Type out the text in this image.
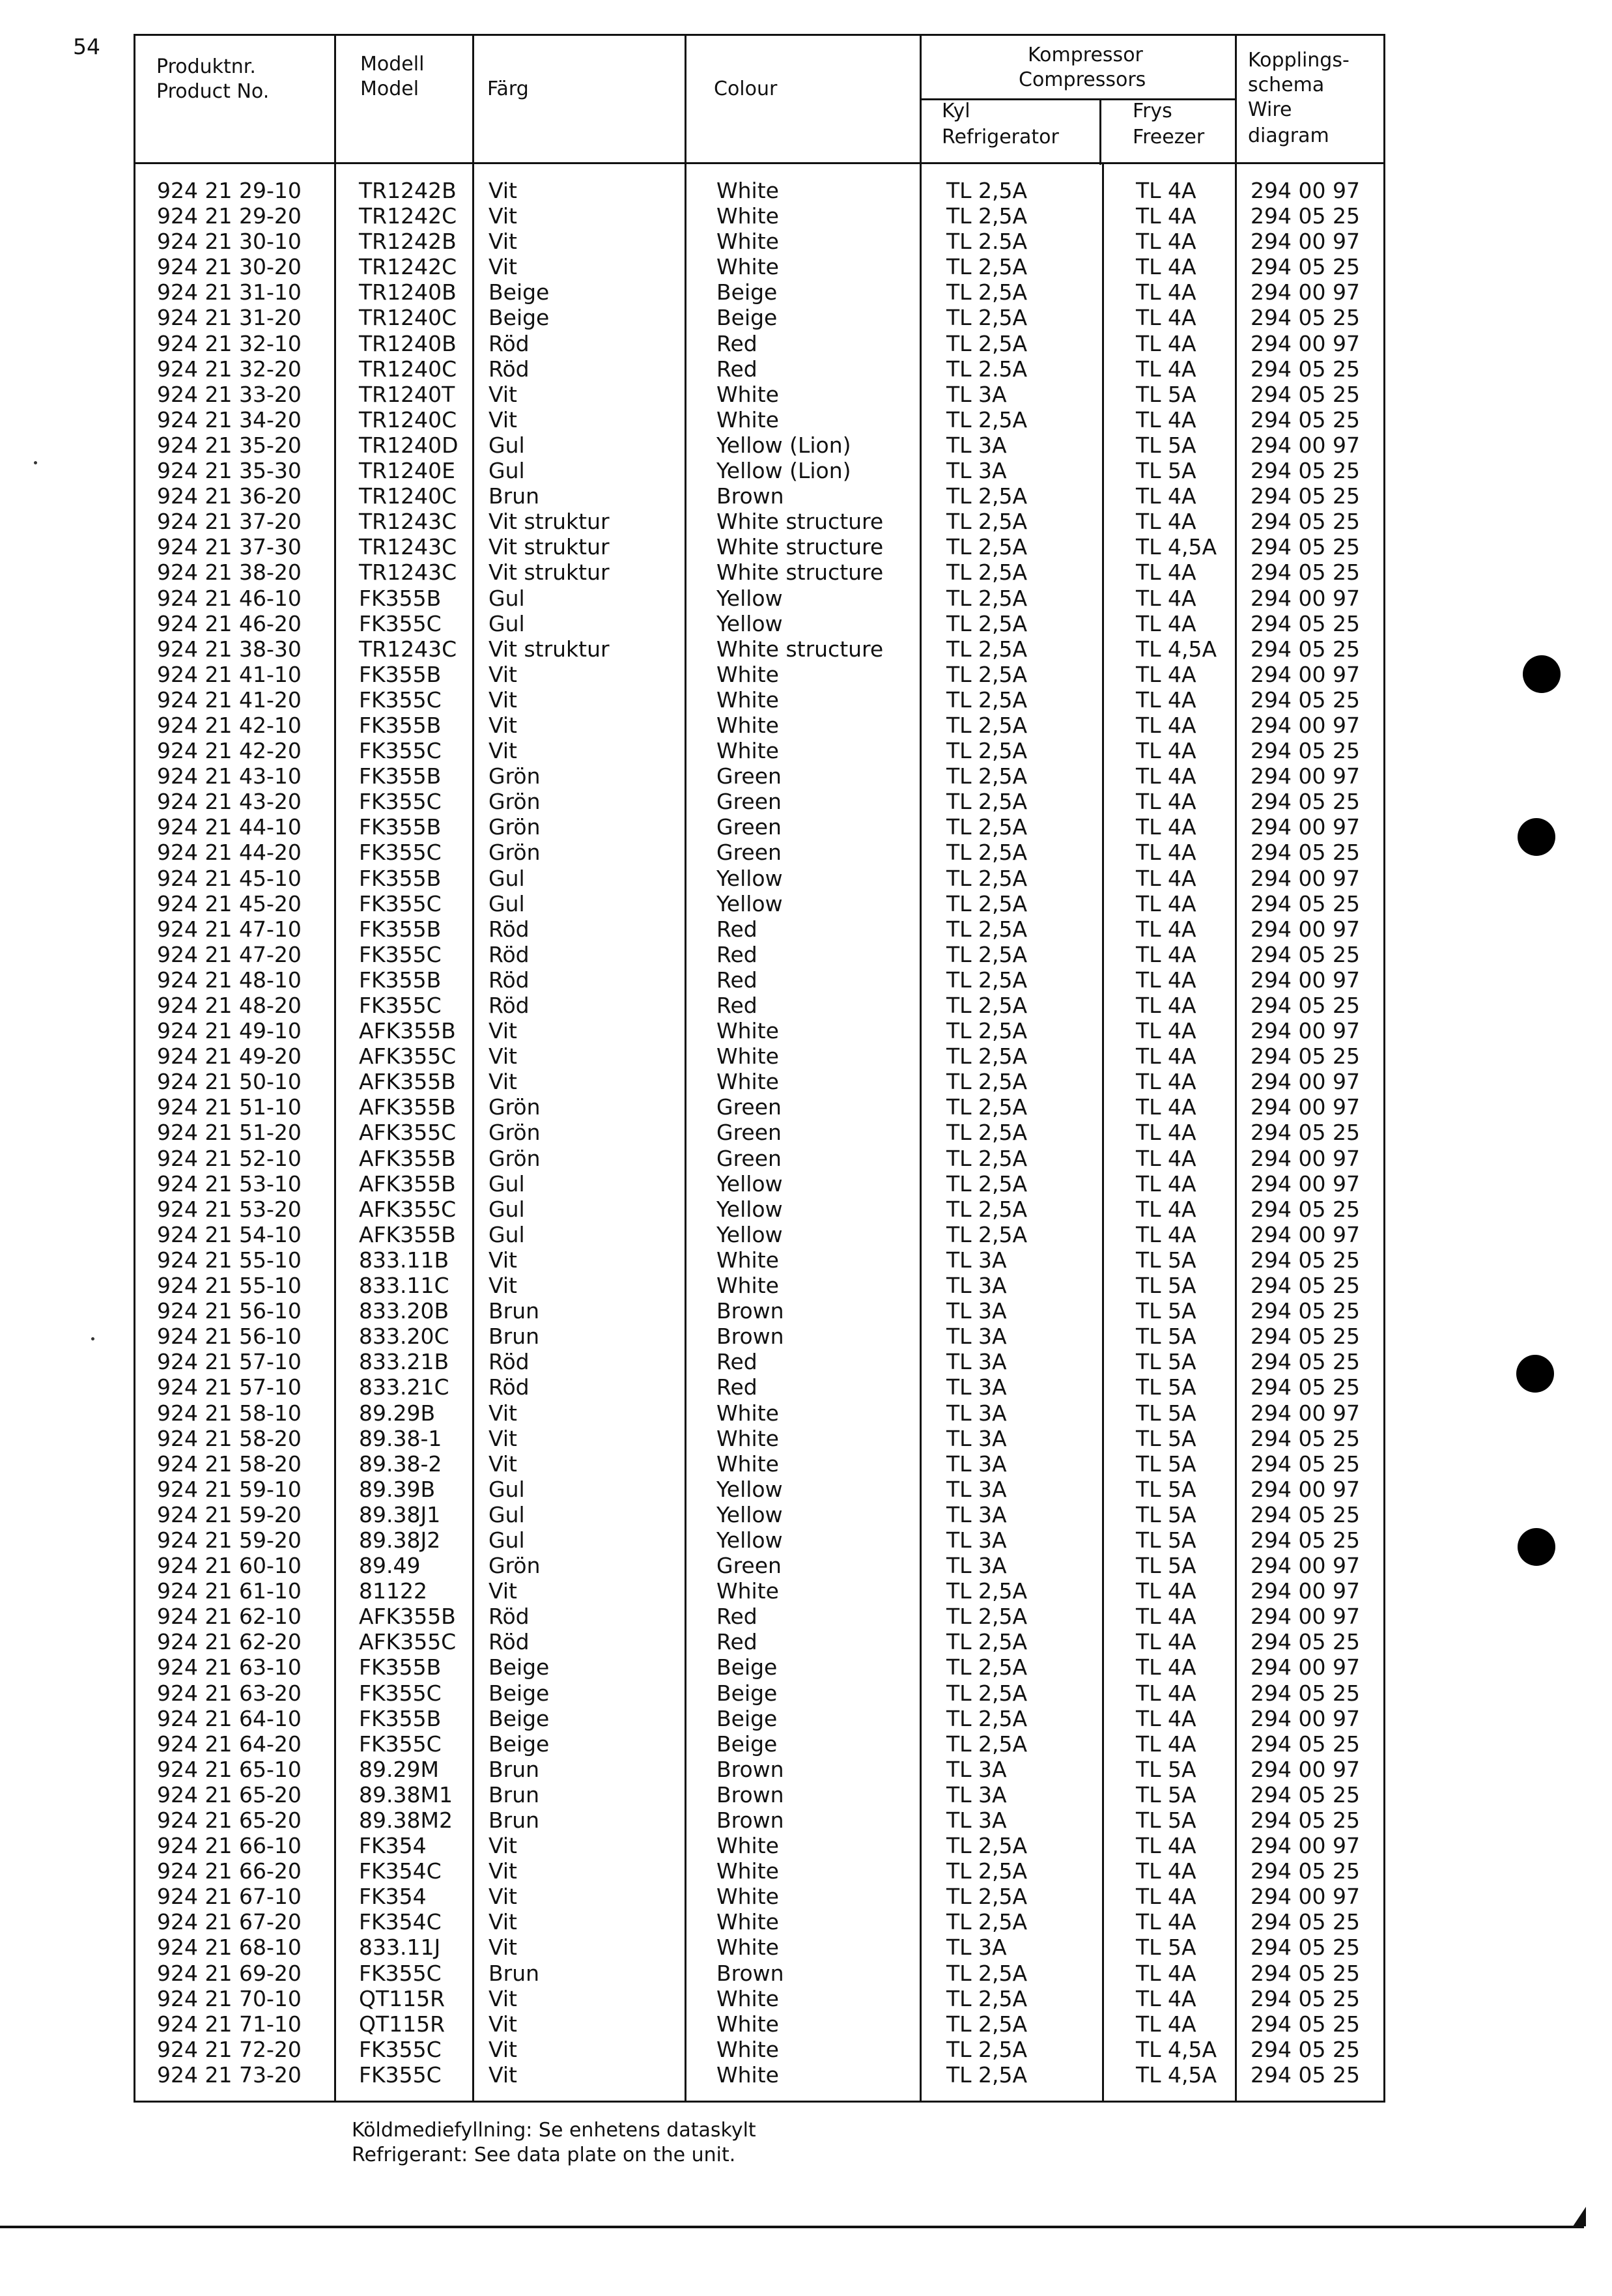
54
Produktnr.
Product No.
Modell
Model	Färg	Colour
Kompressor
Compressors
Kyl
Refrigerator
Frys
Freezer
Kopplings-
schema
Wire
diagram
924 21 29-10	TR1242B Vit	White	TL 2,5A	TL 4A	294 00 97
924 21 29-20	TR1242C Vit	White	TL 2,5A	TL 4A	294 05 25
924 21 30-10	TR1242B Vit	White	TL 2.5A	TL 4A	294 00 97
924 21 30-20	TR1242C Vit	White	TL 2,5A	TL 4A	294 05 25
924 21 31-10	TR1240B Beige	Beige	TL 2,5A	TL 4A	294 00 97
924 21 31-20	TR1240C Beige	Beige	TL 2,5A	TL 4A	294 05 25
924 21 32-10	TR1240B Röd	Red	TL 2,5A	TL 4A	294 00 97
924 21 32-20	TR1240C Röd	Red	TL 2.5A	TL 4A	294 05 25
924 21 33-20	TR1240T Vit	White	TL 3A	TL 5A	294 05 25
924 21 34-20	TR1240C Vit	White	TL 2,5A	TL 4A	294 05 25
924 21 35-20	TR1240D Gul	Yellow (Lion)	TL 3A	TL 5A	294 00 97
924 21 35-30	TR1240E Gul	Yellow (Lion)	TL 3A	TL 5A	294 05 25
924 21 36-20	TR1240C Brun	Brown	TL 2,5A	TL 4A	294 05 25
924 21 37-20	TR1243C Vit struktur	White structure	TL 2,5A	TL 4A	294 05 25
924 21 37-30	TR1243C Vit struktur	White structure	TL 2,5A	TL 4,5A 294 05 25
924 21 38-20	TR1243C Vit struktur	White structure	TL 2,5A	TL 4A	294 05 25
924 21 46-10	FK355B Gul	Yellow	TL 2,5A	TL 4A	294 00 97
924 21 46-20	FK355C Gul	Yellow	TL 2,5A	TL 4A	294 05 25
924 21 38-30	TR1243C Vit struktur	White structure	TL 2,5A	TL 4,5A 294 05 25
924 21 41-10	FK355B Vit	White	TL 2,5A	TL 4A	294 00 97
924 21 41-20	FK355C Vit	White	TL 2,5A	TL 4A	294 05 25
924 21 42-10	FK355B Vit	White	TL 2,5A	TL 4A	294 00 97
924 21 42-20	FK355C Vit	White	TL 2,5A	TL 4A	294 05 25
924 21 43-10	FK355B Grön	Green	TL 2,5A	TL 4A	294 00 97
924 21 43-20	FK355C Grön	Green	TL 2,5A	TL 4A	294 05 25
924 21 44-10	FK355B Grön	Green	TL 2,5A	TL 4A	294 00 97
924 21 44-20	FK355C Grön	Green	TL 2,5A	TL 4A	294 05 25
924 21 45-10	FK355B Gul	Yellow	TL 2,5A	TL 4A	294 00 97
924 21 45-20	FK355C Gul	Yellow	TL 2,5A	TL 4A	294 05 25
924 21 47-10	FK355B Röd	Red	TL 2,5A	TL 4A	294 00 97
924 21 47-20	FK355C Röd	Red	TL 2,5A	TL 4A	294 05 25
924 21 48-10	FK355B Röd	Red	TL 2,5A	TL 4A	294 00 97
924 21 48-20	FK355C Röd	Red	TL 2,5A	TL 4A	294 05 25
924 21 49-10	AFK355B Vit	White	TL 2,5A	TL 4A	294 00 97
924 21 49-20	AFK355C Vit	White	TL 2,5A	TL 4A	294 05 25
924 21 50-10	AFK355B Vit	White	TL 2,5A	TL 4A	294 00 97
924 21 51-10	AFK355B Grön	Green	TL 2,5A	TL 4A	294 00 97
924 21 51-20	AFK355C Grön	Green	TL 2,5A	TL 4A	294 05 25
924 21 52-10	AFK355B Grön	Green	TL 2,5A	TL 4A	294 00 97
924 21 53-10	AFK355B Gul	Yellow	TL 2,5A	TL 4A	294 00 97
924 21 53-20	AFK355C Gul	Yellow	TL 2,5A	TL 4A	294 05 25
924 21 54-10	AFK355B Gul	Yellow	TL 2,5A	TL 4A	294 00 97
924 21 55-10	833.11B Vit	White	TL 3A	TL 5A	294 05 25
924 21 55-10	833.11C Vit	White	TL 3A	TL 5A	294 05 25
924 21 56-10	833.20B Brun	Brown	TL 3A	TL 5A	294 05 25
924 21 56-10	833.20C Brun	Brown	TL 3A	TL 5A	294 05 25
924 21 57-10	833.21B Röd	Red	TL 3A	TL 5A	294 05 25
924 21 57-10	833.21C Röd	Red	TL 3A	TL 5A	294 05 25
924 21 58-10	89.29B Vit	White	TL 3A	TL 5A	294 00 97
924 21 58-20	89.38-1 Vit	White	TL 3A	TL 5A	294 05 25
924 21 58-20	89.38-2 Vit	White	TL 3A	TL 5A	294 05 25
924 21 59-10	89.39B Gul	Yellow	TL 3A	TL 5A	294 00 97
924 21 59-20	89.38J1 Gul	Yellow	TL 3A	TL 5A	294 05 25
924 21 59-20	89.38J2 Gul	Yellow	TL 3A	TL 5A	294 05 25
924 21 60-10	89.49	Grön	Green	TL 3A	TL 5A	294 00 97
924 21 61-10	81122	Vit	White	TL 2,5A	TL 4A	294 00 97
924 21 62-10	AFK355B Röd	Red	TL 2,5A	TL 4A	294 00 97
924 21 62-20	AFK355C Röd	Red	TL 2,5A	TL 4A	294 05 25
924 21 63-10	FK355B Beige	Beige	TL 2,5A	TL 4A	294 00 97
924 21 63-20	FK355C Beige	Beige	TL 2,5A	TL 4A	294 05 25
924 21 64-10	FK355B Beige	Beige	TL 2,5A	TL 4A	294 00 97
924 21 64-20	FK355C Beige	Beige	TL 2,5A	TL 4A	294 05 25
924 21 65-10	89.29M Brun	Brown	TL 3A	TL 5A	294 00 97
924 21 65-20	89.38M1 Brun	Brown	TL 3A	TL 5A	294 05 25
924 21 65-20	89.38M2 Brun	Brown	TL 3A	TL 5A	294 05 25
924 21 66-10	FK354	Vit	White	TL 2,5A	TL 4A	294 00 97
924 21 66-20	FK354C Vit	White	TL 2,5A	TL 4A	294 05 25
924 21 67-10	FK354	Vit	White	TL 2,5A	TL 4A	294 00 97
924 21 67-20	FK354C Vit	White	TL 2,5A	TL 4A	294 05 25
924 21 68-10	833.11J Vit	White	TL 3A	TL 5A	294 05 25
924 21 69-20	FK355C Brun	Brown	TL 2,5A	TL 4A	294 05 25
924 21 70-10	QT115R Vit	White	TL 2,5A	TL 4A	294 05 25
924 21 71-10	QT115R Vit	White	TL 2,5A	TL 4A	294 05 25
924 21 72-20	FK355C Vit	White	TL 2,5A	TL 4,5A 294 05 25
924 21 73-20	FK355C Vit	White	TL 2,5A	TL 4,5A 294 05 25
Köldmediefyllning: Se enhetens dataskylt
Refrigerant: See data plate on the unit.
